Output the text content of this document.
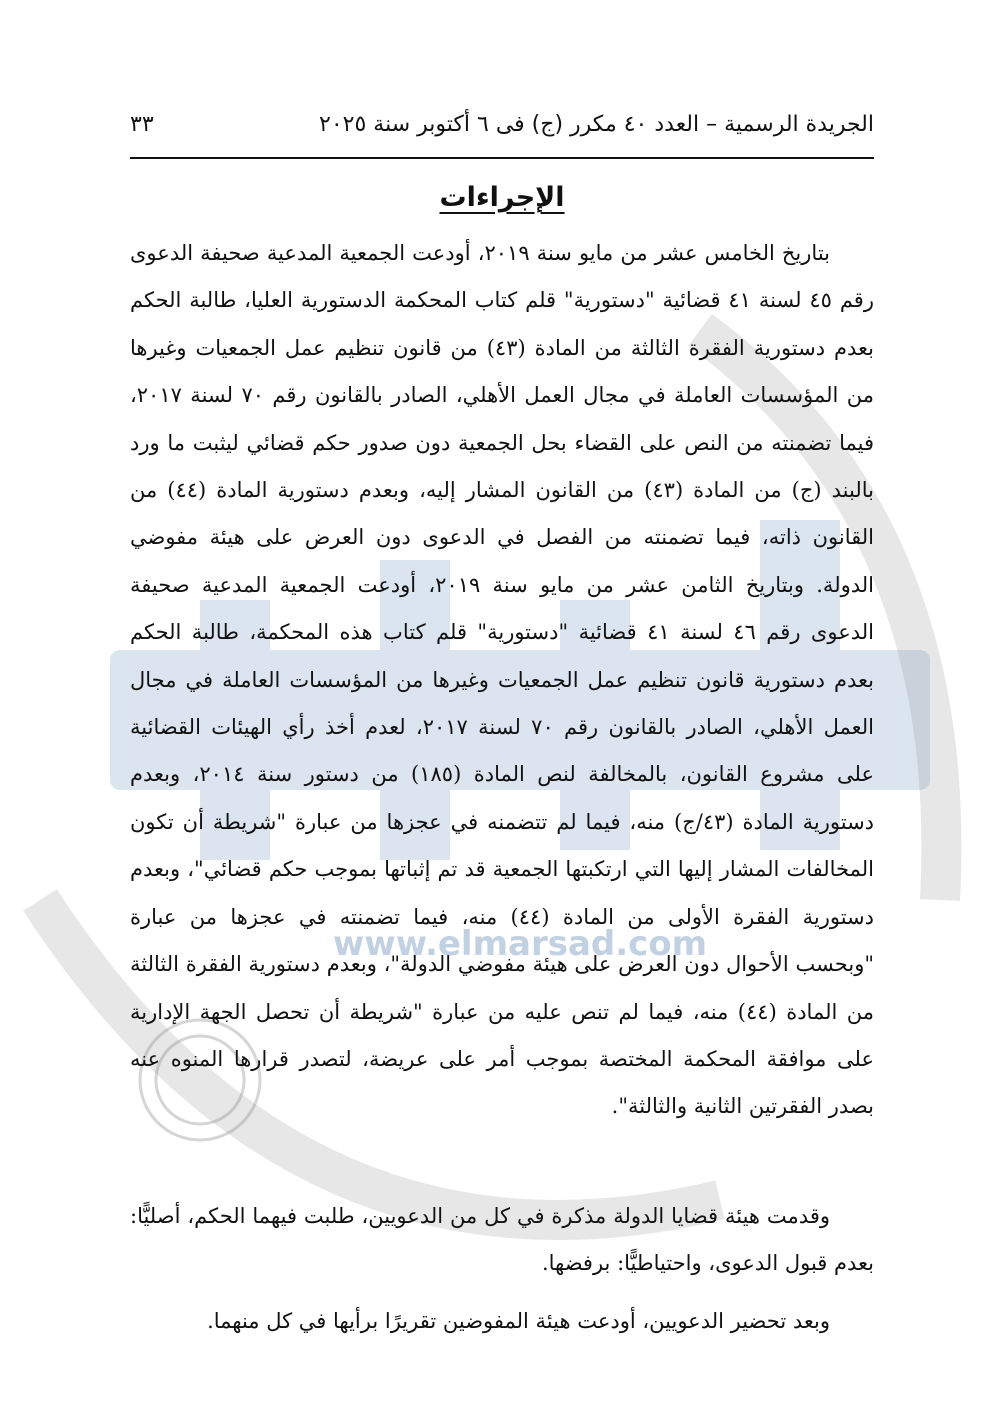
www.elmarsad.com
الجريدة الرسمية – العدد ٤٠ مكرر (ج) فى ٦ أكتوبر سنة ٢٠٢٥
٣٣
الإجراءات

بتاريخ الخامس عشر من مايو سنة ٢٠١٩، أودعت الجمعية المدعية صحيفة الدعوى رقم ٤٥ لسنة ٤١ قضائية "دستورية" قلم كتاب المحكمة الدستورية العليا، طالبة الحكم بعدم دستورية الفقرة الثالثة من المادة (٤٣) من قانون تنظيم عمل الجمعيات وغيرها من المؤسسات العاملة في مجال العمل الأهلي، الصادر بالقانون رقم ٧٠ لسنة ٢٠١٧، فيما تضمنته من النص على القضاء بحل الجمعية دون صدور حكم قضائي ليثبت ما ورد بالبند (ج) من المادة (٤٣) من القانون المشار إليه، وبعدم دستورية المادة (٤٤) من القانون ذاته، فيما تضمنته من الفصل في الدعوى دون العرض على هيئة مفوضي الدولة. وبتاريخ الثامن عشر من مايو سنة ٢٠١٩، أودعت الجمعية المدعية صحيفة الدعوى رقم ٤٦ لسنة ٤١ قضائية "دستورية" قلم كتاب هذه المحكمة، طالبة الحكم بعدم دستورية قانون تنظيم عمل الجمعيات وغيرها من المؤسسات العاملة في مجال العمل الأهلي، الصادر بالقانون رقم ٧٠ لسنة ٢٠١٧، لعدم أخذ رأي الهيئات القضائية على مشروع القانون، بالمخالفة لنص المادة (١٨٥) من دستور سنة ٢٠١٤، وبعدم دستورية المادة (٤٣/ج) منه، فيما لم تتضمنه في عجزها من عبارة "شريطة أن تكون المخالفات المشار إليها التي ارتكبتها الجمعية قد تم إثباتها بموجب حكم قضائي"، وبعدم دستورية الفقرة الأولى من المادة (٤٤) منه، فيما تضمنته في عجزها من عبارة "وبحسب الأحوال دون العرض على هيئة مفوضي الدولة"، وبعدم دستورية الفقرة الثالثة من المادة (٤٤) منه، فيما لم تنص عليه من عبارة "شريطة أن تحصل الجهة الإدارية على موافقة المحكمة المختصة بموجب أمر على عريضة، لتصدر قرارها المنوه عنه بصدر الفقرتين الثانية والثالثة".

وقدمت هيئة قضايا الدولة مذكرة في كل من الدعويين، طلبت فيهما الحكم، أصليًّا: بعدم قبول الدعوى، واحتياطيًّا: برفضها.

وبعد تحضير الدعويين، أودعت هيئة المفوضين تقريرًا برأيها في كل منهما.
